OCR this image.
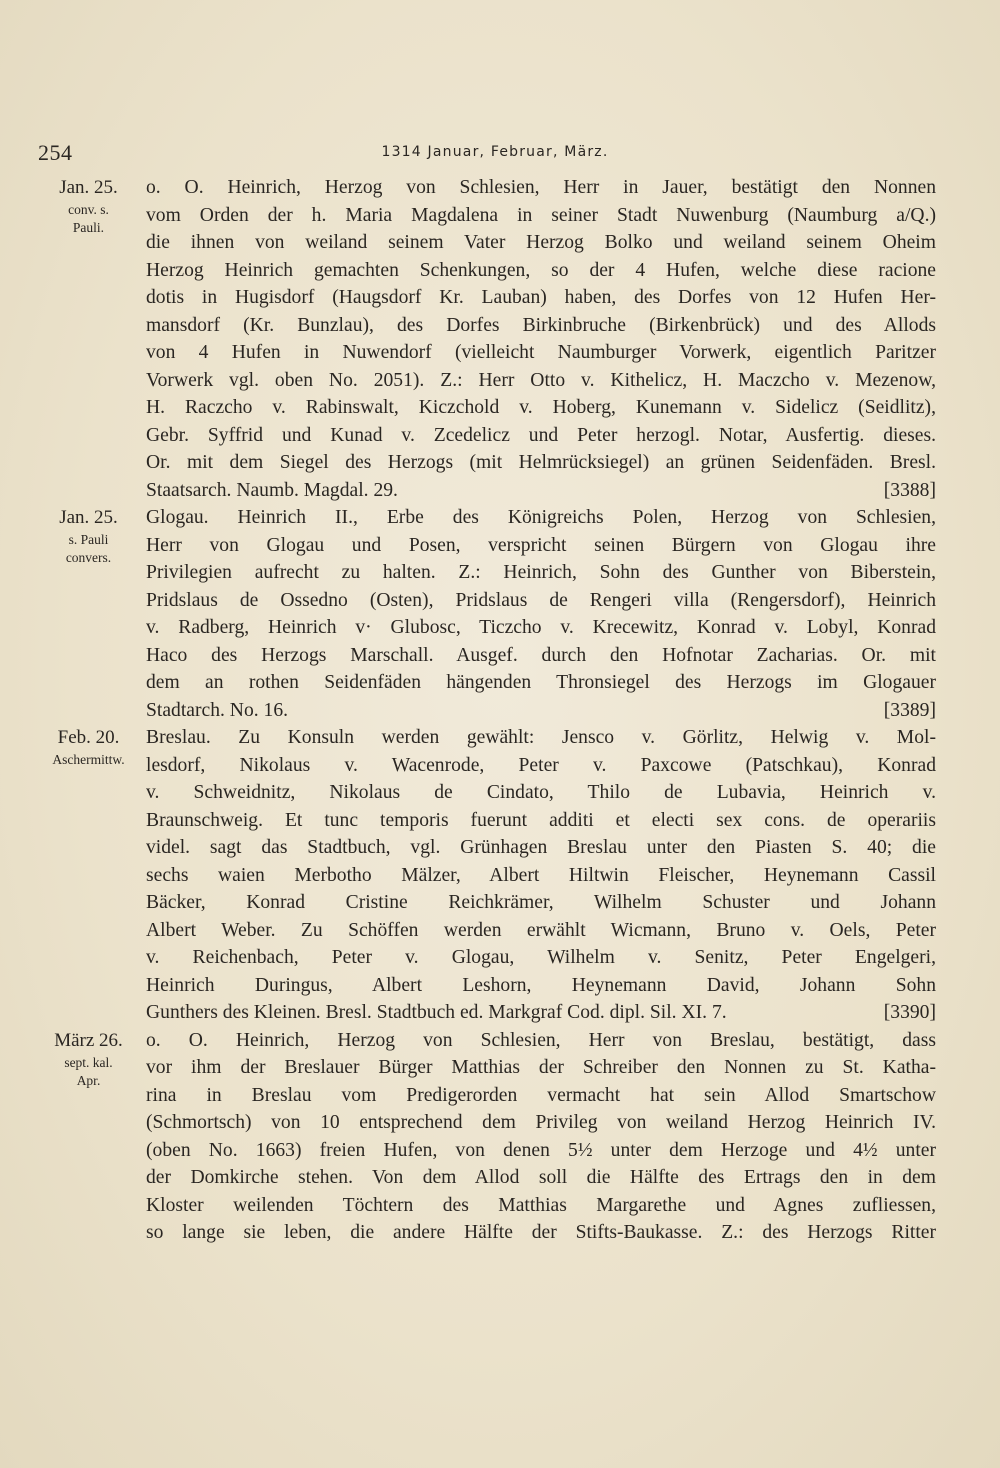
254	1314 Januar, Februar, März.
Jan. 25.
conv. s.
Pauli.
o. O. Heinrich, Herzog von Schlesien, Herr in Jauer, bestätigt den Nonnen
vom Orden der h. Maria Magdalena in seiner Stadt Nuwenburg (Naumburg a/Q.)
die ihnen von weiland seinem Vater Herzog Bolko und weiland seinem Oheim
Herzog Heinrich gemachten Schenkungen, so der 4 Hufen, welche diese racione
dotis in Hugisdorf (Haugsdorf Kr. Lauban) haben, des Dorfes von 12 Hufen Her-
mansdorf (Kr. Bunzlau), des Dorfes Birkinbruche (Birkenbrück) und des Allods
von 4 Hufen in Nuwendorf (vielleicht Naumburger Vorwerk, eigentlich Paritzer
Vorwerk vgl. oben No. 2051). Z.: Herr Otto v. Kithelicz, H. Maczcho v. Mezenow,
H. Raczcho v. Rabinswalt, Kiczchold v. Hoberg, Kunemann v. Sidelicz (Seidlitz),
Gebr. Syffrid und Kunad v. Zcedelicz und Peter herzogl. Notar, Ausfertig. dieses.
Or. mit dem Siegel des Herzogs (mit Helmrücksiegel) an grünen Seidenfäden. Bresl.
Staatsarch. Naumb. Magdal. 29.	[3388]
Jan. 25.
s. Pauli
convers.
Glogau. Heinrich II., Erbe des Königreichs Polen, Herzog von Schlesien,
Herr von Glogau und Posen, verspricht seinen Bürgern von Glogau ihre
Privilegien aufrecht zu halten. Z.: Heinrich, Sohn des Gunther von Biberstein,
Pridslaus de Ossedno (Osten), Pridslaus de Rengeri villa (Rengersdorf), Heinrich
v. Radberg, Heinrich v· Glubosc, Ticzcho v. Krecewitz, Konrad v. Lobyl, Konrad
Haco des Herzogs Marschall. Ausgef. durch den Hofnotar Zacharias. Or. mit
dem an rothen Seidenfäden hängenden Thronsiegel des Herzogs im Glogauer
Stadtarch. No. 16.	[3389]
Feb. 20.
Aschermittw.
Breslau. Zu Konsuln werden gewählt: Jensco v. Görlitz, Helwig v. Mol-
lesdorf, Nikolaus v. Wacenrode, Peter v. Paxcowe (Patschkau), Konrad
v. Schweidnitz, Nikolaus de Cindato, Thilo de Lubavia, Heinrich v.
Braunschweig. Et tunc temporis fuerunt additi et electi sex cons. de operariis
videl. sagt das Stadtbuch, vgl. Grünhagen Breslau unter den Piasten S. 40; die
sechs waien Merbotho Mälzer, Albert Hiltwin Fleischer, Heynemann Cassil
Bäcker, Konrad Cristine Reichkrämer, Wilhelm Schuster und Johann
Albert Weber. Zu Schöffen werden erwählt Wicmann, Bruno v. Oels, Peter
v. Reichenbach, Peter v. Glogau, Wilhelm v. Senitz, Peter Engelgeri,
Heinrich Duringus, Albert Leshorn, Heynemann David, Johann Sohn
Gunthers des Kleinen. Bresl. Stadtbuch ed. Markgraf Cod. dipl. Sil. XI. 7.	[3390]
März 26.
sept. kal.
Apr.
o. O. Heinrich, Herzog von Schlesien, Herr von Breslau, bestätigt, dass
vor ihm der Breslauer Bürger Matthias der Schreiber den Nonnen zu St. Katha-
rina in Breslau vom Predigerorden vermacht hat sein Allod Smartschow
(Schmortsch) von 10 entsprechend dem Privileg von weiland Herzog Heinrich IV.
(oben No. 1663) freien Hufen, von denen 5½ unter dem Herzoge und 4½ unter
der Domkirche stehen. Von dem Allod soll die Hälfte des Ertrags den in dem
Kloster weilenden Töchtern des Matthias Margarethe und Agnes zufliessen,
so lange sie leben, die andere Hälfte der Stifts-Baukasse. Z.: des Herzogs Ritter
